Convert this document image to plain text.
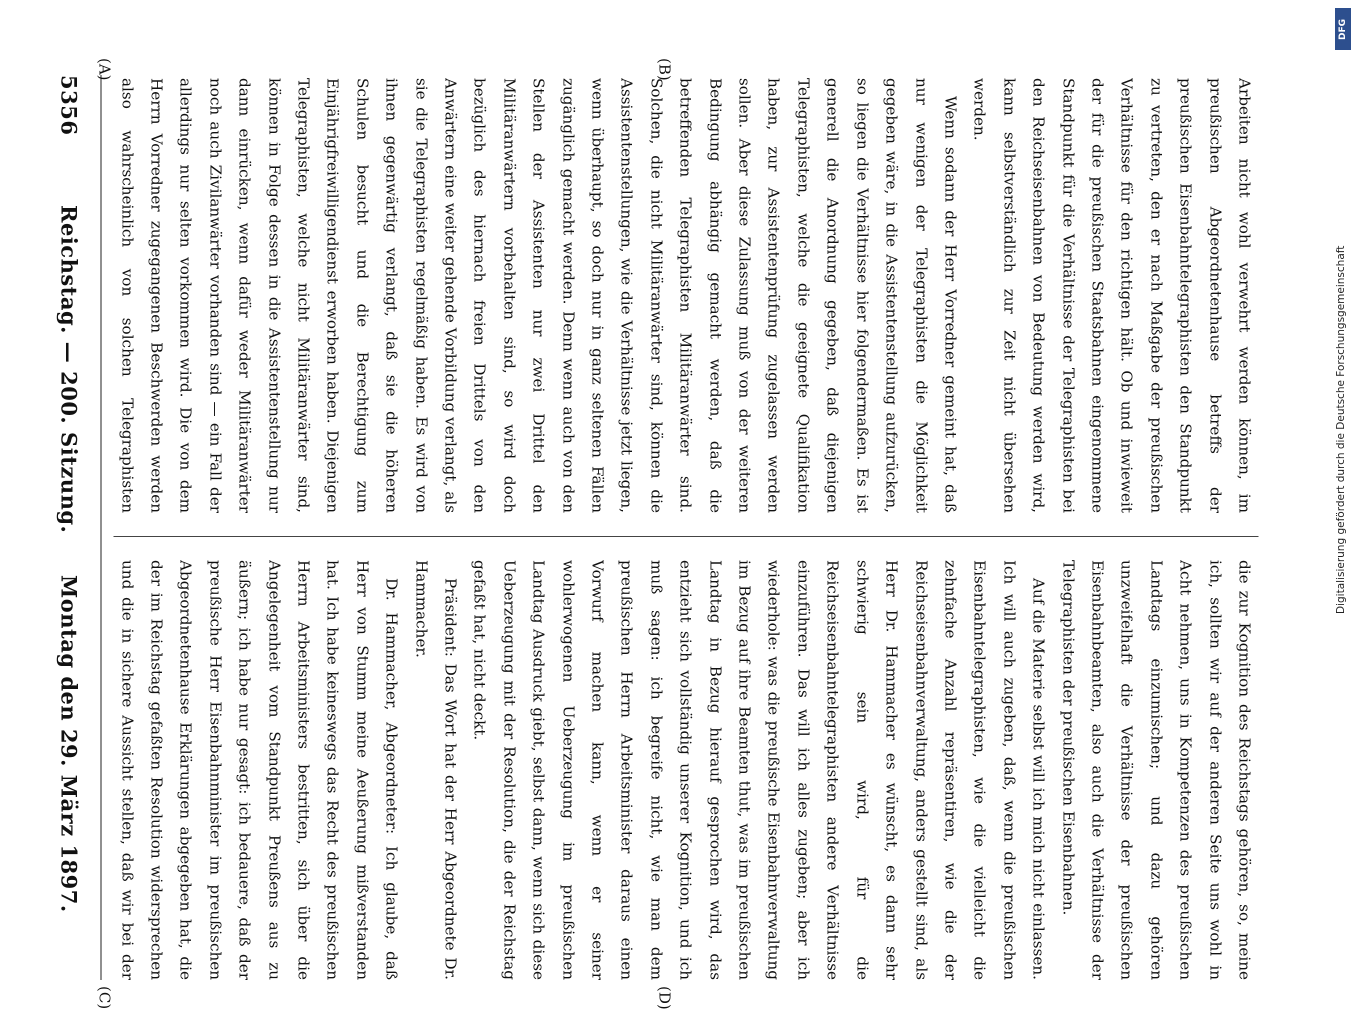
5356
Reichstag. — 200. Sitzung.
Montag den 29. März 1897.
(A)	(B)
(C)	(D)

Arbeiten nicht wohl verwehrt werden können, im preußischen Abgeordnetenhause betreffs der preußischen Eisenbahntelegraphisten den Standpunkt zu vertreten, den er nach Maßgabe der preußischen Verhältnisse für den richtigen hält. Ob und inwieweit der für die preußischen Staatsbahnen eingenommene Standpunkt für die Verhältnisse der Telegraphisten bei den Reichseisenbahnen von Bedeutung werden wird, kann selbstverständlich zur Zeit nicht übersehen werden.

Wenn sodann der Herr Vorredner gemeint hat, daß nur wenigen der Telegraphisten die Möglichkeit gegeben wäre, in die Assistentenstellung aufzurücken, so liegen die Verhältnisse hier folgendermaßen. Es ist generell die Anordnung gegeben, daß diejenigen Telegraphisten, welche die geeignete Qualifikation haben, zur Assistentenprüfung zugelassen werden sollen. Aber diese Zulassung muß von der weiteren Bedingung abhängig gemacht werden, daß die betreffenden Telegraphisten Militäranwärter sind. Solchen, die nicht Militäranwärter sind, können die Assistentenstellungen, wie die Verhältnisse jetzt liegen, wenn überhaupt, so doch nur in ganz seltenen Fällen zugänglich gemacht werden. Denn wenn auch von den Stellen der Assistenten nur zwei Drittel den Militäranwärtern vorbehalten sind, so wird doch bezüglich des hiernach freien Drittels von den Anwärtern eine weiter gehende Vorbildung verlangt, als sie die Telegraphisten regelmäßig haben. Es wird von ihnen gegenwärtig verlangt, daß sie die höheren Schulen besucht und die Berechtigung zum Einjährigfreiwilligendienst erworben haben. Diejenigen Telegraphisten, welche nicht Militäranwärter sind, können in Folge dessen in die Assistentenstellung nur dann einrücken, wenn dafür weder Militäranwärter noch auch Zivilanwärter vorhanden sind — ein Fall der allerdings nur selten vorkommen wird. Die von dem Herrn Vorredner zugegangenen Beschwerden werden also wahrscheinlich von solchen Telegraphisten

die zur Kognition des Reichstags gehören, so, meine ich, sollten wir auf der anderen Seite uns wohl in Acht nehmen, uns in Kompetenzen des preußischen Landtags einzumischen; und dazu gehören unzweifelhaft die Verhältnisse der preußischen Eisenbahnbeamten, also auch die Verhältnisse der Telegraphisten der preußischen Eisenbahnen.

Auf die Materie selbst will ich mich nicht einlassen. Ich will auch zugeben, daß, wenn die preußischen Eisenbahntelegraphisten, wie die vielleicht die zehnfache Anzahl repräsentiren, wie die der Reichseisenbahnverwaltung, anders gestellt sind, als Herr Dr. Hammacher es wünscht, es dann sehr schwierig sein wird, für die Reichseisenbahntelegraphisten andere Verhältnisse einzuführen. Das will ich alles zugeben; aber ich wiederhole: was die preußische Eisenbahnverwaltung im Bezug auf ihre Beamten thut, was im preußischen Landtag in Bezug hierauf gesprochen wird, das entzieht sich vollständig unserer Kognition, und ich muß sagen: ich begreife nicht, wie man dem preußischen Herrn Arbeitsminister daraus einen Vorwurf machen kann, wenn er seiner wohlerwogenen Ueberzeugung im preußischen Landtag Ausdruck giebt, selbst dann, wenn sich diese Ueberzeugung mit der Resolution, die der Reichstag gefaßt hat, nicht deckt.

Präsident: Das Wort hat der Herr Abgeordnete Dr. Hammacher.

Dr. Hammacher, Abgeordneter: Ich glaube, daß Herr von Stumm meine Aeußerung mißverstanden hat. Ich habe keineswegs das Recht des preußischen Herrn Arbeitsministers bestritten, sich über die Angelegenheit vom Standpunkt Preußens aus zu äußern; ich habe nur gesagt: ich bedauere, daß der preußische Herr Eisenbahnminister im preußischen Abgeordnetenhause Erklärungen abgegeben hat, die der im Reichstag gefaßten Resolution widersprechen und die in sichere Aussicht stellen, daß wir bei der

DFG
Digitalisierung gefördert durch die Deutsche Forschungsgemeinschaft
